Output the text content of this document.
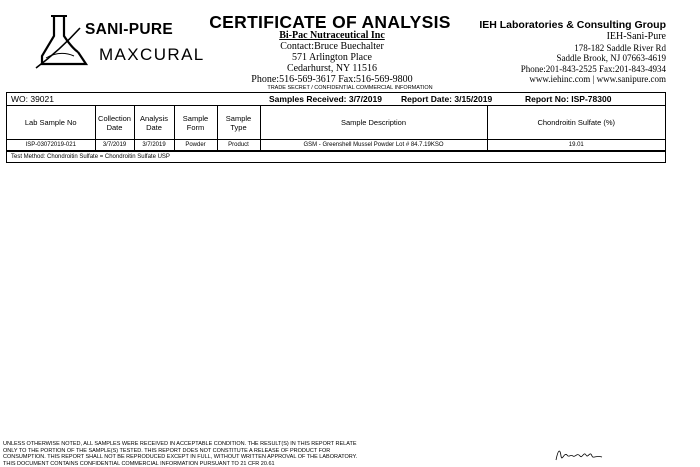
SANI-PURE
MAXCURAL
CERTIFICATE OF ANALYSIS
Bi-Pac Nutraceutical Inc
Contact:Bruce Buechalter
571 Arlington Place
Cedarhurst, NY 11516
Phone:516-569-3617 Fax:516-569-9800
IEH Laboratories & Consulting Group
IEH-Sani-Pure
178-182 Saddle River Rd
Saddle Brook, NJ 07663-4619
Phone:201-843-2525 Fax:201-843-4934
www.iehinc.com | www.sanipure.com
TRADE SECRET / CONFIDENTIAL COMMERCIAL INFORMATION
WO: 39021	Samples Received: 3/7/2019 Report Date: 3/15/2019	Report No: ISP-78300
Lab Sample No	Collection Date	Analysis Date	Sample Form	Sample Type	Sample Description	Chondroitin Sulfate (%)
ISP-03072019-021	3/7/2019	3/7/2019	Powder	Product	GSM - Greenshell Mussel Powder Lot # 84.7.19KSO	19.01
Test Method: Chondroitin Sulfate = Chondroitin Sulfate USP
UNLESS OTHERWISE NOTED, ALL SAMPLES WERE RECEIVED IN ACCEPTABLE CONDITION. THE RESULT(S) IN THIS REPORT RELATE
ONLY TO THE PORTION OF THE SAMPLE(S) TESTED. THIS REPORT DOES NOT CONSTITUTE A RELEASE OF PRODUCT FOR
CONSUMPTION. THIS REPORT SHALL NOT BE REPRODUCED EXCEPT IN FULL, WITHOUT WRITTEN APPROVAL OF THE LABORATORY.
THIS DOCUMENT CONTAINS CONFIDENTIAL COMMERCIAL INFORMATION PURSUANT TO 21 CFR 20.61
